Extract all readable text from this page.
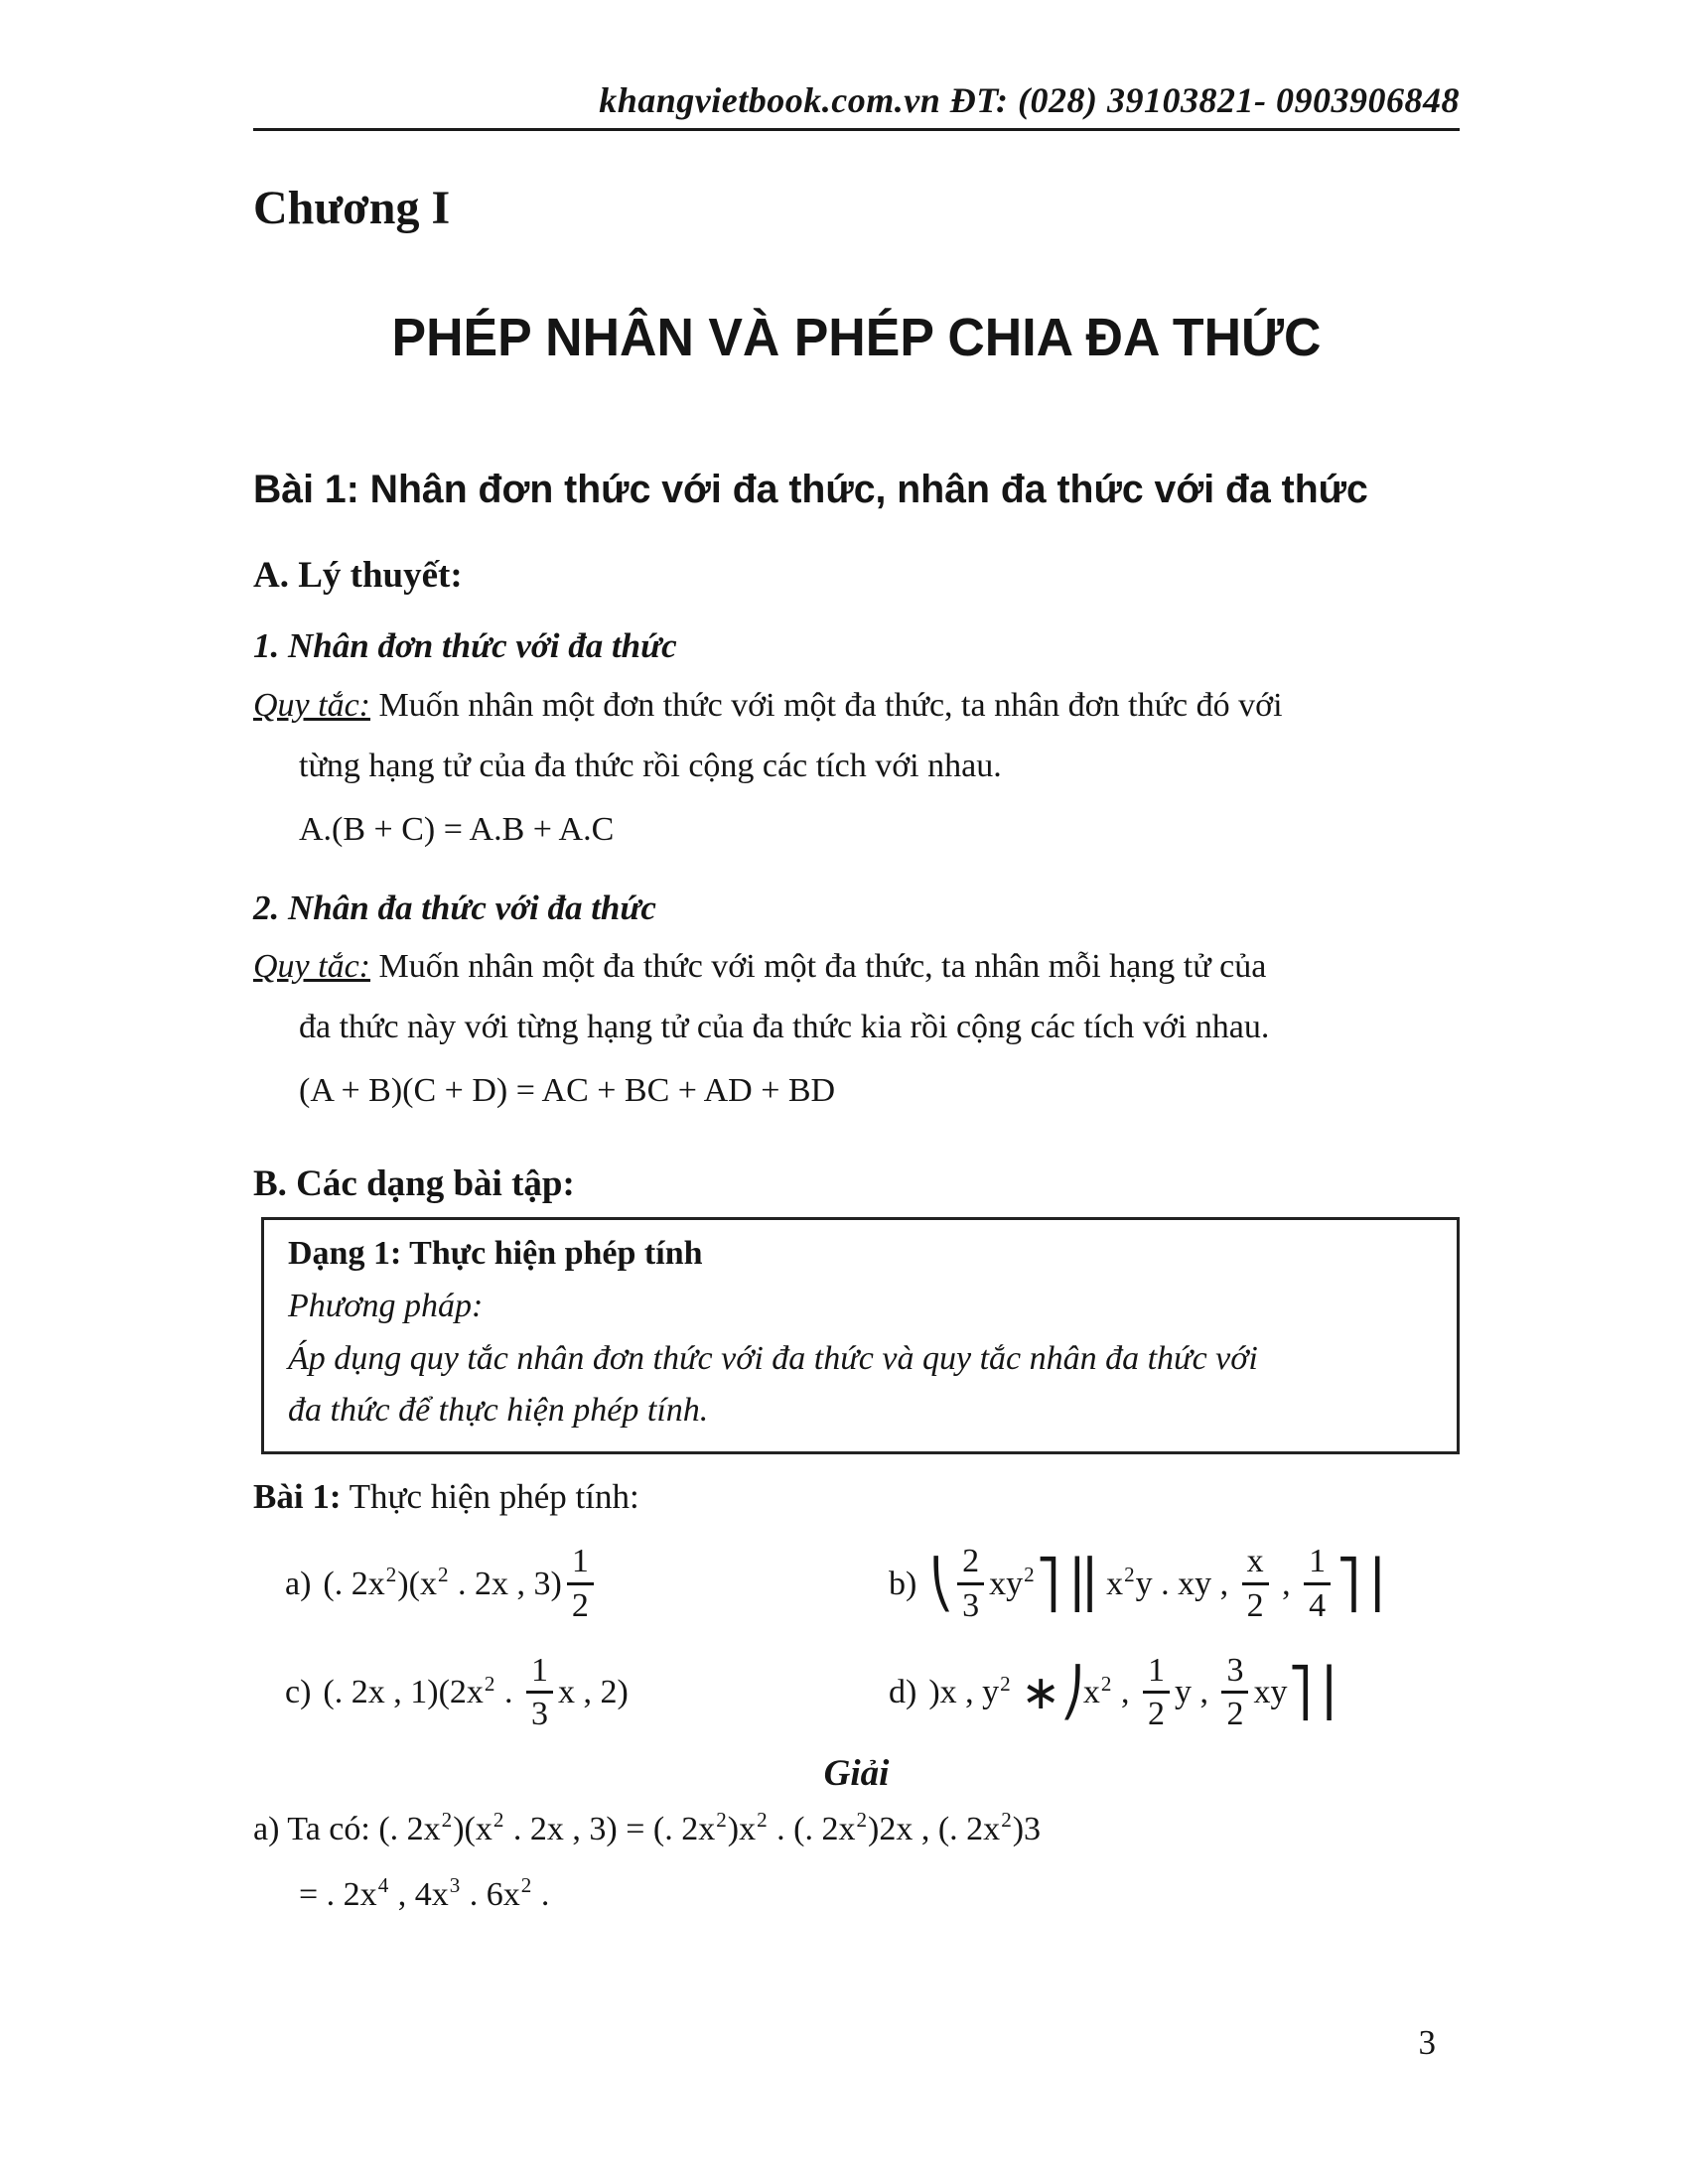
khangvietbook.com.vn ĐT: (028) 39103821- 0903906848
Chương I
PHÉP NHÂN VÀ PHÉP CHIA ĐA THỨC
Bài 1: Nhân đơn thức với đa thức, nhân đa thức với đa thức
A. Lý thuyết:
1. Nhân đơn thức với đa thức

Quy tắc: Muốn nhân một đơn thức với một đa thức, ta nhân đơn thức đó với
từng hạng tử của đa thức rồi cộng các tích với nhau.

A.(B + C) = A.B + A.C
2. Nhân đa thức với đa thức

Quy tắc: Muốn nhân một đa thức với một đa thức, ta nhân mỗi hạng tử của
đa thức này với từng hạng tử của đa thức kia rồi cộng các tích với nhau.

(A + B)(C + D) = AC + BC + AD + BD
B. Các dạng bài tập:
Dạng 1: Thực hiện phép tính
Phương pháp:
Áp dụng quy tắc nhân đơn thức với đa thức và quy tắc nhân đa thức với
đa thức để thực hiện phép tính.
Bài 1: Thực hiện phép tính:
a) (. $2x^2)(x^2$ . 2x , $3) \frac{1}{2}$	b) ⎝ $\frac{2}{3}$ $xy^2⎤⎥⎜x^2y$ . xy , $\frac{x}{2}$ , $\frac{1}{4}$ ⎤⎥
c) (. 2x , $1)(2x^2$ . $\frac{1}{3}$ x , 2)	d) )x , $y^2$ $∗⎠x^2$ , $\frac{1}{2}$ y , $\frac{3}{2}$ xy⎤⎥
Giải
a) Ta có: (. $2x^2)(x^2$ . 2x , 3) = (. $2x^2)x^2$ . (. $2x^2)2x$ , (. $2x^2)3$
= . $2x^4$ , $4x^3$ . $6x^2$ .
3
